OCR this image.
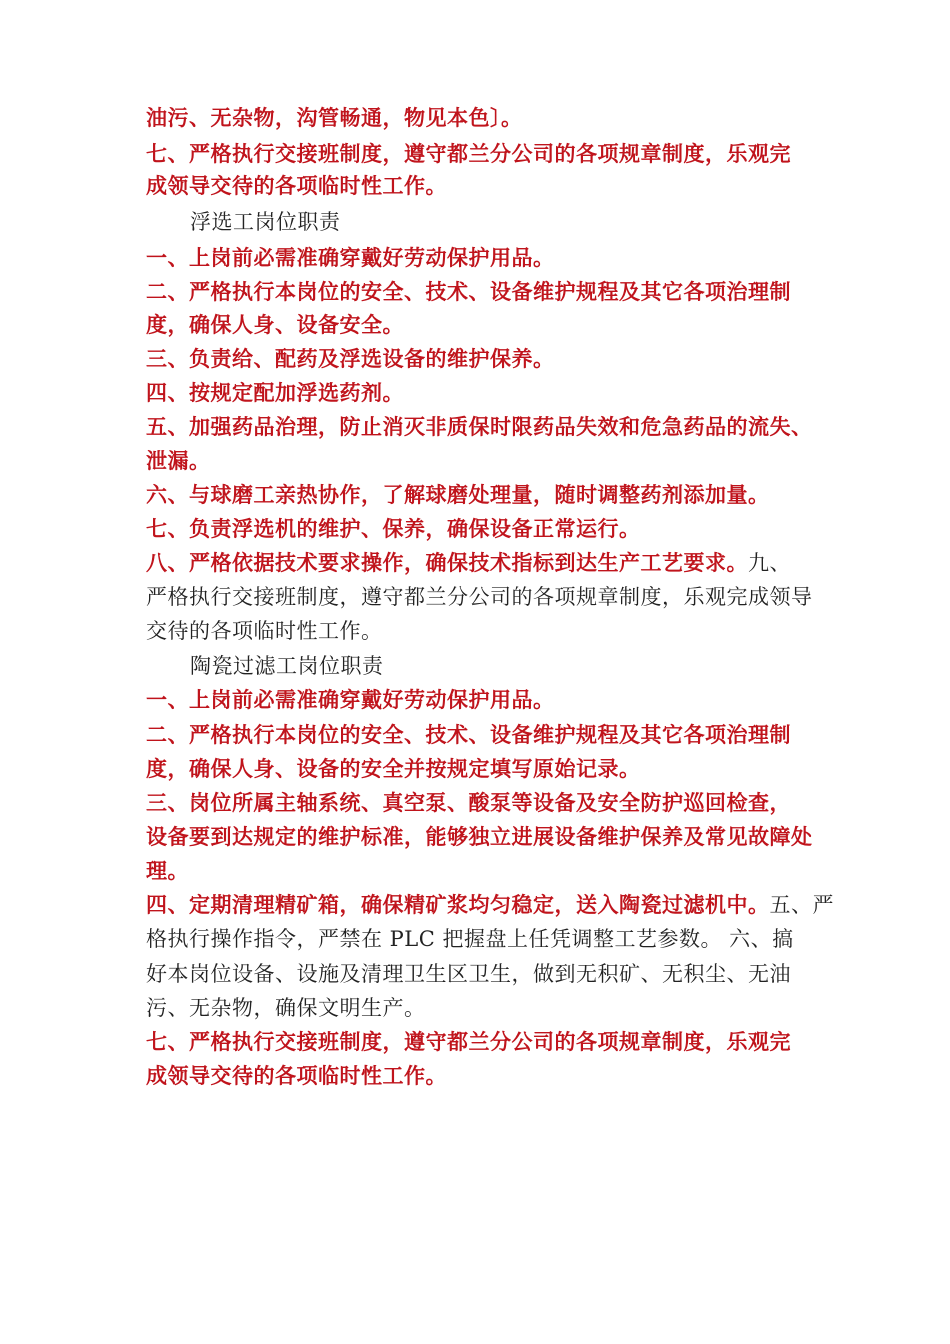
油污、无杂物，沟管畅通，物见本色〕。
七、严格执行交接班制度，遵守都兰分公司的各项规章制度，乐观完
成领导交待的各项临时性工作。
浮选工岗位职责
一、上岗前必需准确穿戴好劳动保护用品。
二、严格执行本岗位的安全、技术、设备维护规程及其它各项治理制
度，确保人身、设备安全。
三、负责给、配药及浮选设备的维护保养。
四、按规定配加浮选药剂。
五、加强药品治理，防止消灭非质保时限药品失效和危急药品的流失、
泄漏。
六、与球磨工亲热协作，了解球磨处理量，随时调整药剂添加量。
七、负责浮选机的维护、保养，确保设备正常运行。
八、严格依据技术要求操作，确保技术指标到达生产工艺要求。九、
严格执行交接班制度，遵守都兰分公司的各项规章制度，乐观完成领导
交待的各项临时性工作。
陶瓷过滤工岗位职责
一、上岗前必需准确穿戴好劳动保护用品。
二、严格执行本岗位的安全、技术、设备维护规程及其它各项治理制
度，确保人身、设备的安全并按规定填写原始记录。
三、岗位所属主轴系统、真空泵、酸泵等设备及安全防护巡回检查，
设备要到达规定的维护标准，能够独立进展设备维护保养及常见故障处
理。
四、定期清理精矿箱，确保精矿浆均匀稳定，送入陶瓷过滤机中。五、严
格执行操作指令，严禁在 PLC 把握盘上任凭调整工艺参数。 六、搞
好本岗位设备、设施及清理卫生区卫生，做到无积矿、无积尘、无油
污、无杂物，确保文明生产。
七、严格执行交接班制度，遵守都兰分公司的各项规章制度，乐观完
成领导交待的各项临时性工作。
